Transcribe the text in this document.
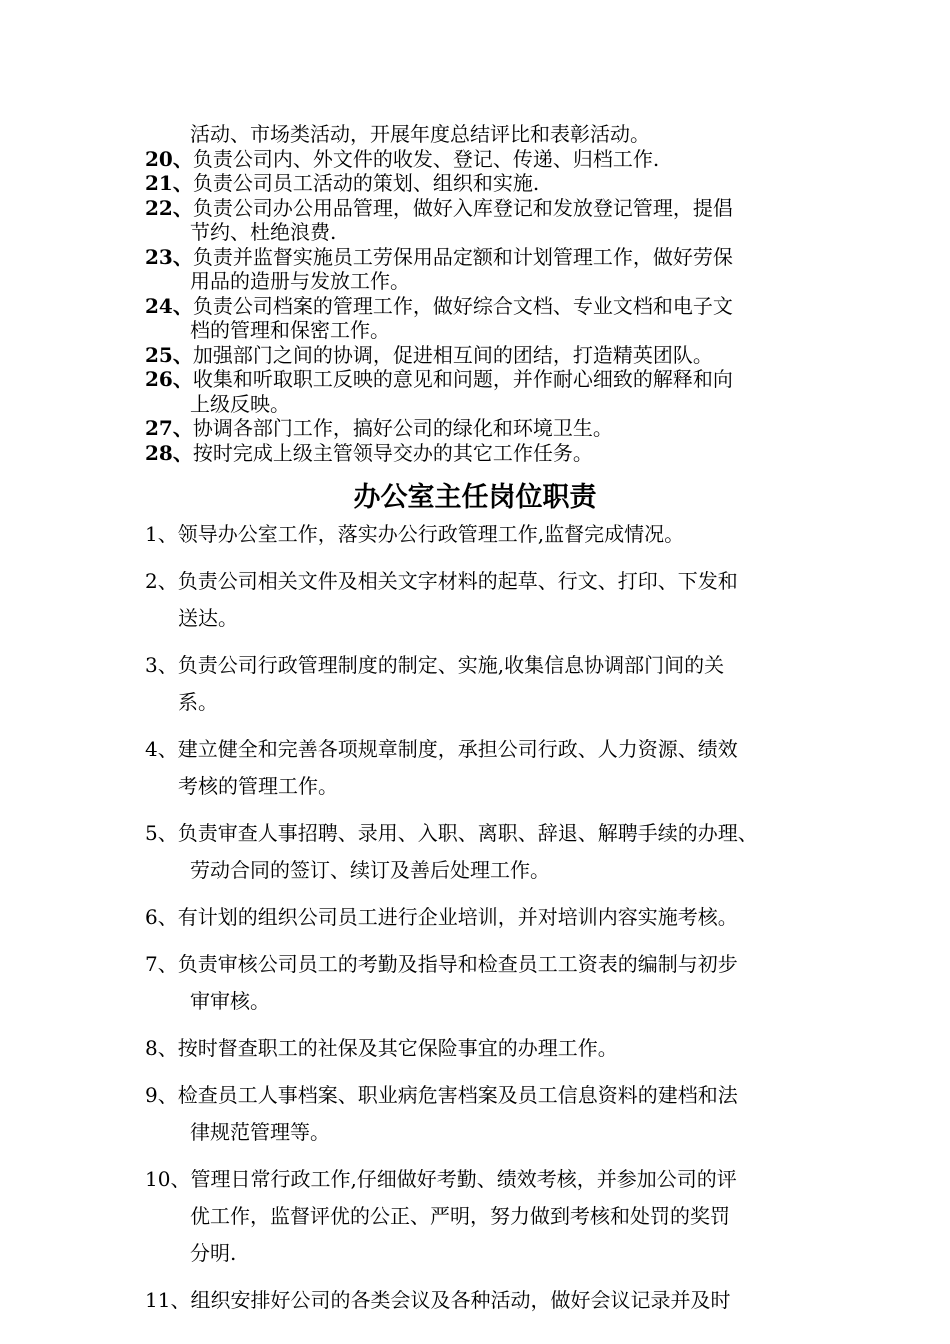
活动、市场类活动，开展年度总结评比和表彰活动。
20、负责公司内、外文件的收发、登记、传递、归档工作.
21、负责公司员工活动的策划、组织和实施.
22、负责公司办公用品管理，做好入库登记和发放登记管理，提倡
节约、杜绝浪费.
23、负责并监督实施员工劳保用品定额和计划管理工作，做好劳保
用品的造册与发放工作。
24、负责公司档案的管理工作，做好综合文档、专业文档和电子文
档的管理和保密工作。
25、加强部门之间的协调，促进相互间的团结，打造精英团队。
26、收集和听取职工反映的意见和问题，并作耐心细致的解释和向
上级反映。
27、协调各部门工作，搞好公司的绿化和环境卫生。
28、按时完成上级主管领导交办的其它工作任务。
办公室主任岗位职责
1、领导办公室工作，落实办公行政管理工作,监督完成情况。
2、负责公司相关文件及相关文字材料的起草、行文、打印、下发和
送达。
3、负责公司行政管理制度的制定、实施,收集信息协调部门间的关
系。
4、建立健全和完善各项规章制度，承担公司行政、人力资源、绩效
考核的管理工作。
5、负责审查人事招聘、录用、入职、离职、辞退、解聘手续的办理、
劳动合同的签订、续订及善后处理工作。
6、有计划的组织公司员工进行企业培训，并对培训内容实施考核。
7、负责审核公司员工的考勤及指导和检查员工工资表的编制与初步
审审核。
8、按时督查职工的社保及其它保险事宜的办理工作。
9、检查员工人事档案、职业病危害档案及员工信息资料的建档和法
律规范管理等。
10、管理日常行政工作,仔细做好考勤、绩效考核，并参加公司的评
优工作，监督评优的公正、严明，努力做到考核和处罚的奖罚
分明.
11、组织安排好公司的各类会议及各种活动，做好会议记录并及时
